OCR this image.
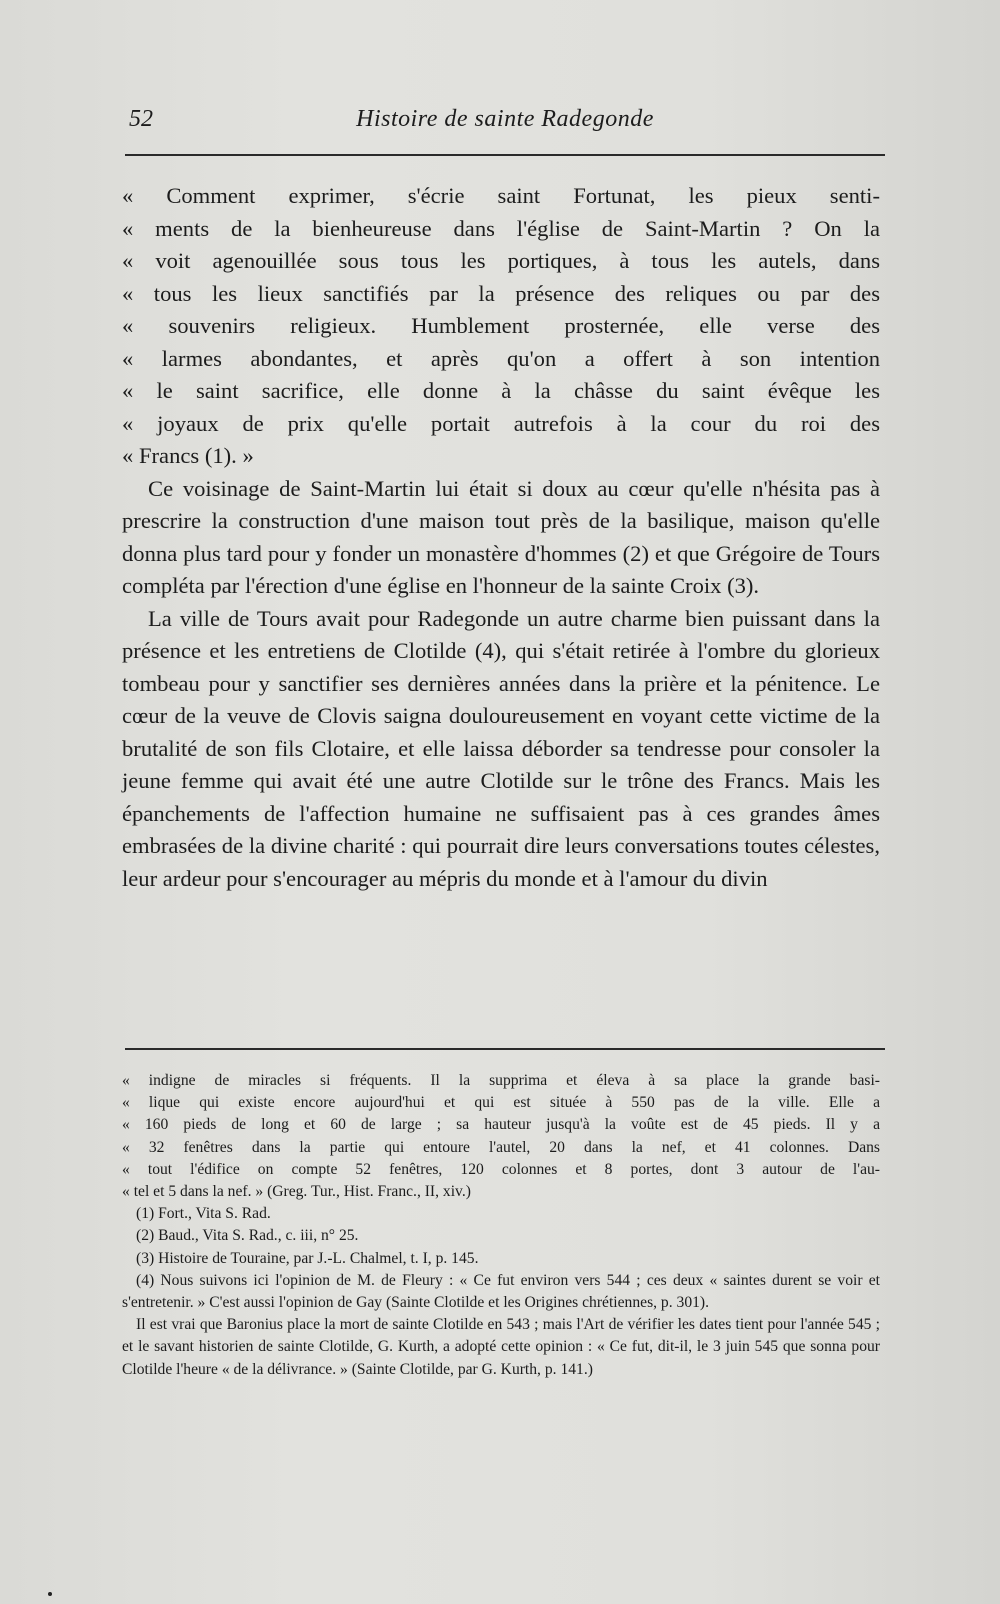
52	Histoire de sainte Radegonde
« Comment exprimer, s'écrie saint Fortunat, les pieux senti-
« ments de la bienheureuse dans l'église de Saint-Martin ? On la
« voit agenouillée sous tous les portiques, à tous les autels, dans
« tous les lieux sanctifiés par la présence des reliques ou par des
« souvenirs religieux. Humblement prosternée, elle verse des
« larmes abondantes, et après qu'on a offert à son intention
« le saint sacrifice, elle donne à la châsse du saint évêque les
« joyaux de prix qu'elle portait autrefois à la cour du roi des
« Francs (1). »
Ce voisinage de Saint-Martin lui était si doux au cœur qu'elle n'hésita pas à prescrire la construction d'une maison tout près de la basilique, maison qu'elle donna plus tard pour y fonder un monastère d'hommes (2) et que Grégoire de Tours compléta par l'érection d'une église en l'honneur de la sainte Croix (3).
La ville de Tours avait pour Radegonde un autre charme bien puissant dans la présence et les entretiens de Clotilde (4), qui s'était retirée à l'ombre du glorieux tombeau pour y sanctifier ses dernières années dans la prière et la pénitence. Le cœur de la veuve de Clovis saigna douloureusement en voyant cette victime de la brutalité de son fils Clotaire, et elle laissa déborder sa tendresse pour consoler la jeune femme qui avait été une autre Clotilde sur le trône des Francs. Mais les épanchements de l'affection humaine ne suffisaient pas à ces grandes âmes embrasées de la divine charité : qui pourrait dire leurs conversations toutes célestes, leur ardeur pour s'encourager au mépris du monde et à l'amour du divin
« indigne de miracles si fréquents. Il la supprima et éleva à sa place la grande basi-
« lique qui existe encore aujourd'hui et qui est située à 550 pas de la ville. Elle a
« 160 pieds de long et 60 de large ; sa hauteur jusqu'à la voûte est de 45 pieds. Il y a
« 32 fenêtres dans la partie qui entoure l'autel, 20 dans la nef, et 41 colonnes. Dans
« tout l'édifice on compte 52 fenêtres, 120 colonnes et 8 portes, dont 3 autour de l'au-
« tel et 5 dans la nef. » (Greg. Tur., Hist. Franc., II, xiv.)
(1) Fort., Vita S. Rad.
(2) Baud., Vita S. Rad., c. iii, n° 25.
(3) Histoire de Touraine, par J.-L. Chalmel, t. I, p. 145.
(4) Nous suivons ici l'opinion de M. de Fleury : « Ce fut environ vers 544 ; ces deux « saintes durent se voir et s'entretenir. » C'est aussi l'opinion de Gay (Sainte Clotilde et les Origines chrétiennes, p. 301).
Il est vrai que Baronius place la mort de sainte Clotilde en 543 ; mais l'Art de vérifier les dates tient pour l'année 545 ; et le savant historien de sainte Clotilde, G. Kurth, a adopté cette opinion : « Ce fut, dit-il, le 3 juin 545 que sonna pour Clotilde l'heure « de la délivrance. » (Sainte Clotilde, par G. Kurth, p. 141.)
